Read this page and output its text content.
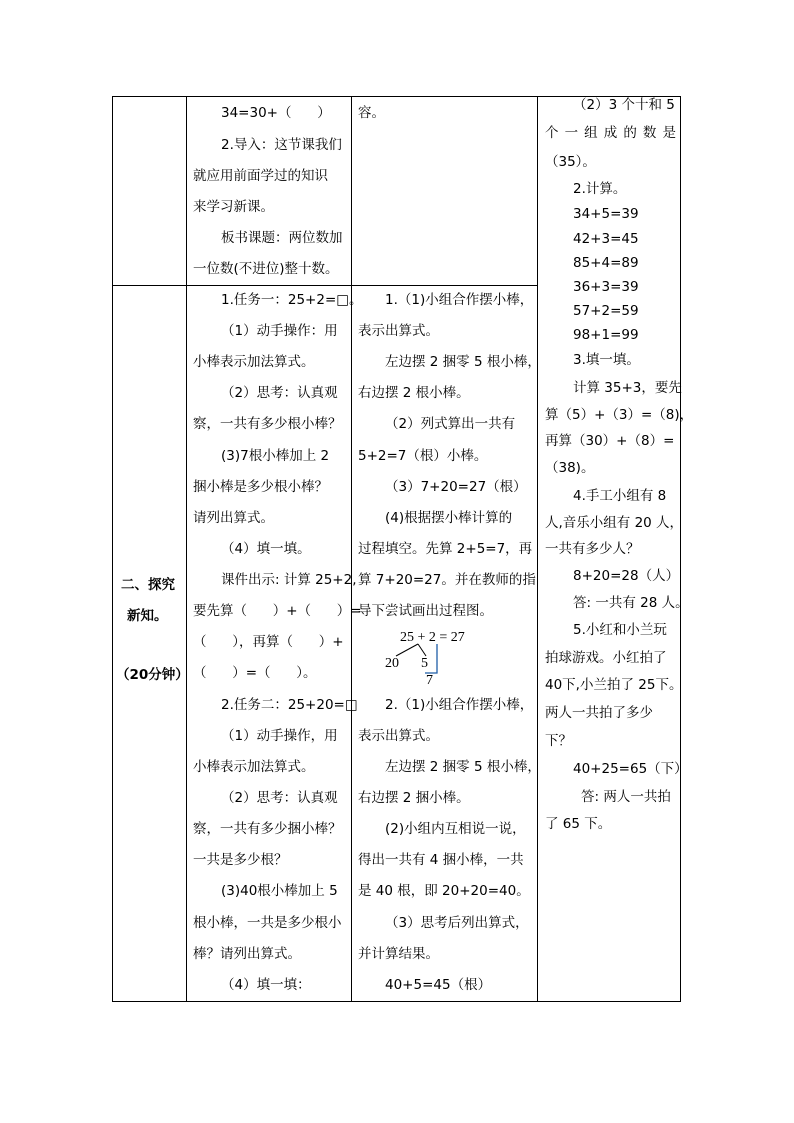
二、探究
新知。
（20分钟）
34=30+（      ）
2.导入：这节课我们
就应用前面学过的知识
来学习新课。
板书课题：两位数加
一位数(不进位)整十数。
容。
1.任务一：25+2=□。
（1）动手操作：用
小棒表示加法算式。
（2）思考：认真观
察，一共有多少根小棒？
(3)7根小棒加上 2
捆小棒是多少根小棒？
请列出算式。
（4）填一填。
课件出示: 计算 25+2,
要先算（      ）+（      ）=
（      ），再算（      ）+
（      ）=（      ）。
2.任务二：25+20=□
（1）动手操作，用
小棒表示加法算式。
（2）思考：认真观
察，一共有多少捆小棒？
一共是多少根？
(3)40根小棒加上 5
根小棒，一共是多少根小
棒？请列出算式。
（4）填一填：
1.（1)小组合作摆小棒，
表示出算式。
左边摆 2 捆零 5 根小棒，
右边摆 2 根小棒。
（2）列式算出一共有
5+2=7（根）小棒。
（3）7+20=27（根）
(4)根据摆小棒计算的
过程填空。先算 2+5=7，再
算 7+20=27。并在教师的指
导下尝试画出过程图。
25 + 2 = 27
20 5
7
2.（1)小组合作摆小棒，
表示出算式。
左边摆 2 捆零 5 根小棒，
右边摆 2 捆小棒。
(2)小组内互相说一说，
得出一共有 4 捆小棒，一共
是 40 根，即 20+20=40。
（3）思考后列出算式，
并计算结果。
40+5=45（根）
（2）3 个十和 5
个 一 组 成 的 数 是
（35）。
2.计算。
34+5=39
42+3=45
85+4=89
36+3=39
57+2=59
98+1=99
3.填一填。
计算 35+3，要先
算（5）+（3）=（8)，
再算（30）+（8）=
（38)。
4.手工小组有 8
人,音乐小组有 20 人，
一共有多少人？
8+20=28（人）
答: 一共有 28 人。
5.小红和小兰玩
拍球游戏。小红拍了
40下,小兰拍了 25下。
两人一共拍了多少
下？
40+25=65（下）
答: 两人一共拍
了 65 下。
